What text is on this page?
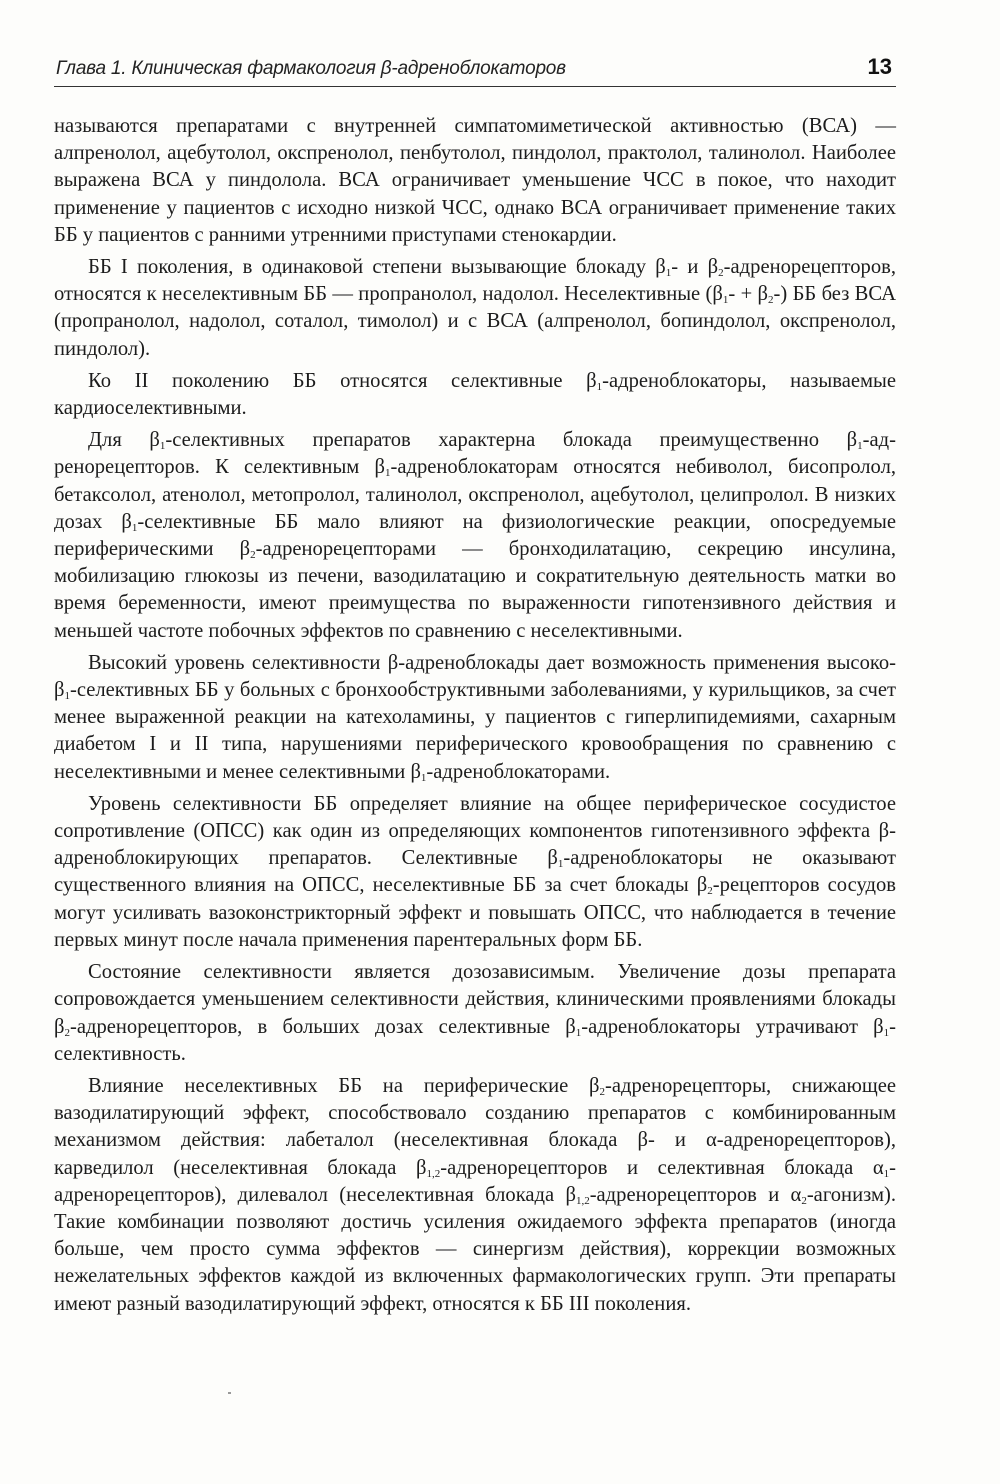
Глава 1. Клиническая фармакология β-адреноблокаторов	13

называются препаратами с внутренней симпатомиметической активностью (ВСА) — алпренолол, ацебутолол, окспренолол, пенбутолол, пиндолол, практолол, талинолол. Наиболее выражена ВСА у пиндолола. ВСА ограничивает уменьшение ЧСС в покое, что находит применение у пациентов с исходно низкой ЧСС, однако ВСА ограничивает применение таких ББ у пациентов с ранними утренними приступами стенокардии.

ББ I поколения, в одинаковой степени вызывающие блокаду $\beta_1-$ и $\beta_2$-адренорецепторов, относятся к неселективным ББ — пропранолол, надолол. Неселективные $(\beta_1- + \beta_2-)$ ББ без ВСА (пропранолол, надолол, соталол, тимолол) и с ВСА (алпренолол, бопиндолол, окспренолол, пиндолол).

Ко II поколению ББ относятся селективные $\beta_1$-адреноблокаторы, называемые кардиоселективными.

Для $\beta_1$-селективных препаратов характерна блокада преимущественно $\beta_1$-адренорецепторов. К селективным $\beta_1$-адреноблокаторам относятся небиволол, бисопролол, бетаксолол, атенолол, метопролол, талинолол, окспренолол, ацебутолол, целипролол. В низких дозах $\beta_1$-селективные ББ мало влияют на физиологические реакции, опосредуемые периферическими $\beta_2$-адренорецепторами — бронходилатацию, секрецию инсулина, мобилизацию глюкозы из печени, вазодилатацию и сократительную деятельность матки во время беременности, имеют преимущества по выраженности гипотензивного действия и меньшей частоте побочных эффектов по сравнению с неселективными.

Высокий уровень селективности β-адреноблокады дает возможность применения высоко-$\beta_1$-селективных ББ у больных с бронхообструктивными заболеваниями, у курильщиков, за счет менее выраженной реакции на катехоламины, у пациентов с гиперлипидемиями, сахарным диабетом I и II типа, нарушениями периферического кровообращения по сравнению с неселективными и менее селективными $\beta_1$-адреноблокаторами.

Уровень селективности ББ определяет влияние на общее периферическое сосудистое сопротивление (ОПСС) как один из определяющих компонентов гипотензивного эффекта β-адреноблокирующих препаратов. Селективные $\beta_1$-адреноблокаторы не оказывают существенного влияния на ОПСС, неселективные ББ за счет блокады $\beta_2$-рецепторов сосудов могут усиливать вазоконстрикторный эффект и повышать ОПСС, что наблюдается в течение первых минут после начала применения парентеральных форм ББ.

Состояние селективности является дозозависимым. Увеличение дозы препарата сопровождается уменьшением селективности действия, клиническими проявлениями блокады $\beta_2$-адренорецепторов, в больших дозах селективные $\beta_1$-адреноблокаторы утрачивают $\beta_1$-селективность.

Влияние неселективных ББ на периферические $\beta_2$-адренорецепторы, снижающее вазодилатирующий эффект, способствовало созданию препаратов с комбинированным механизмом действия: лабеталол (неселективная блокада β- и α-адренорецепторов), карведилол (неселективная блокада $\beta_{1,2}$-адренорецепторов и селективная блокада $\alpha_1-адренорецепторов$), дилевалол (неселективная блокада $\beta_{1,2}$-адренорецепторов и $\alpha_2-агонизм$). Такие комбинации позволяют достичь усиления ожидаемого эффекта препаратов (иногда больше, чем просто сумма эффектов — синергизм действия), коррекции возможных нежелательных эффектов каждой из включенных фармакологических групп. Эти препараты имеют разный вазодилатирующий эффект, относятся к ББ III поколения.
